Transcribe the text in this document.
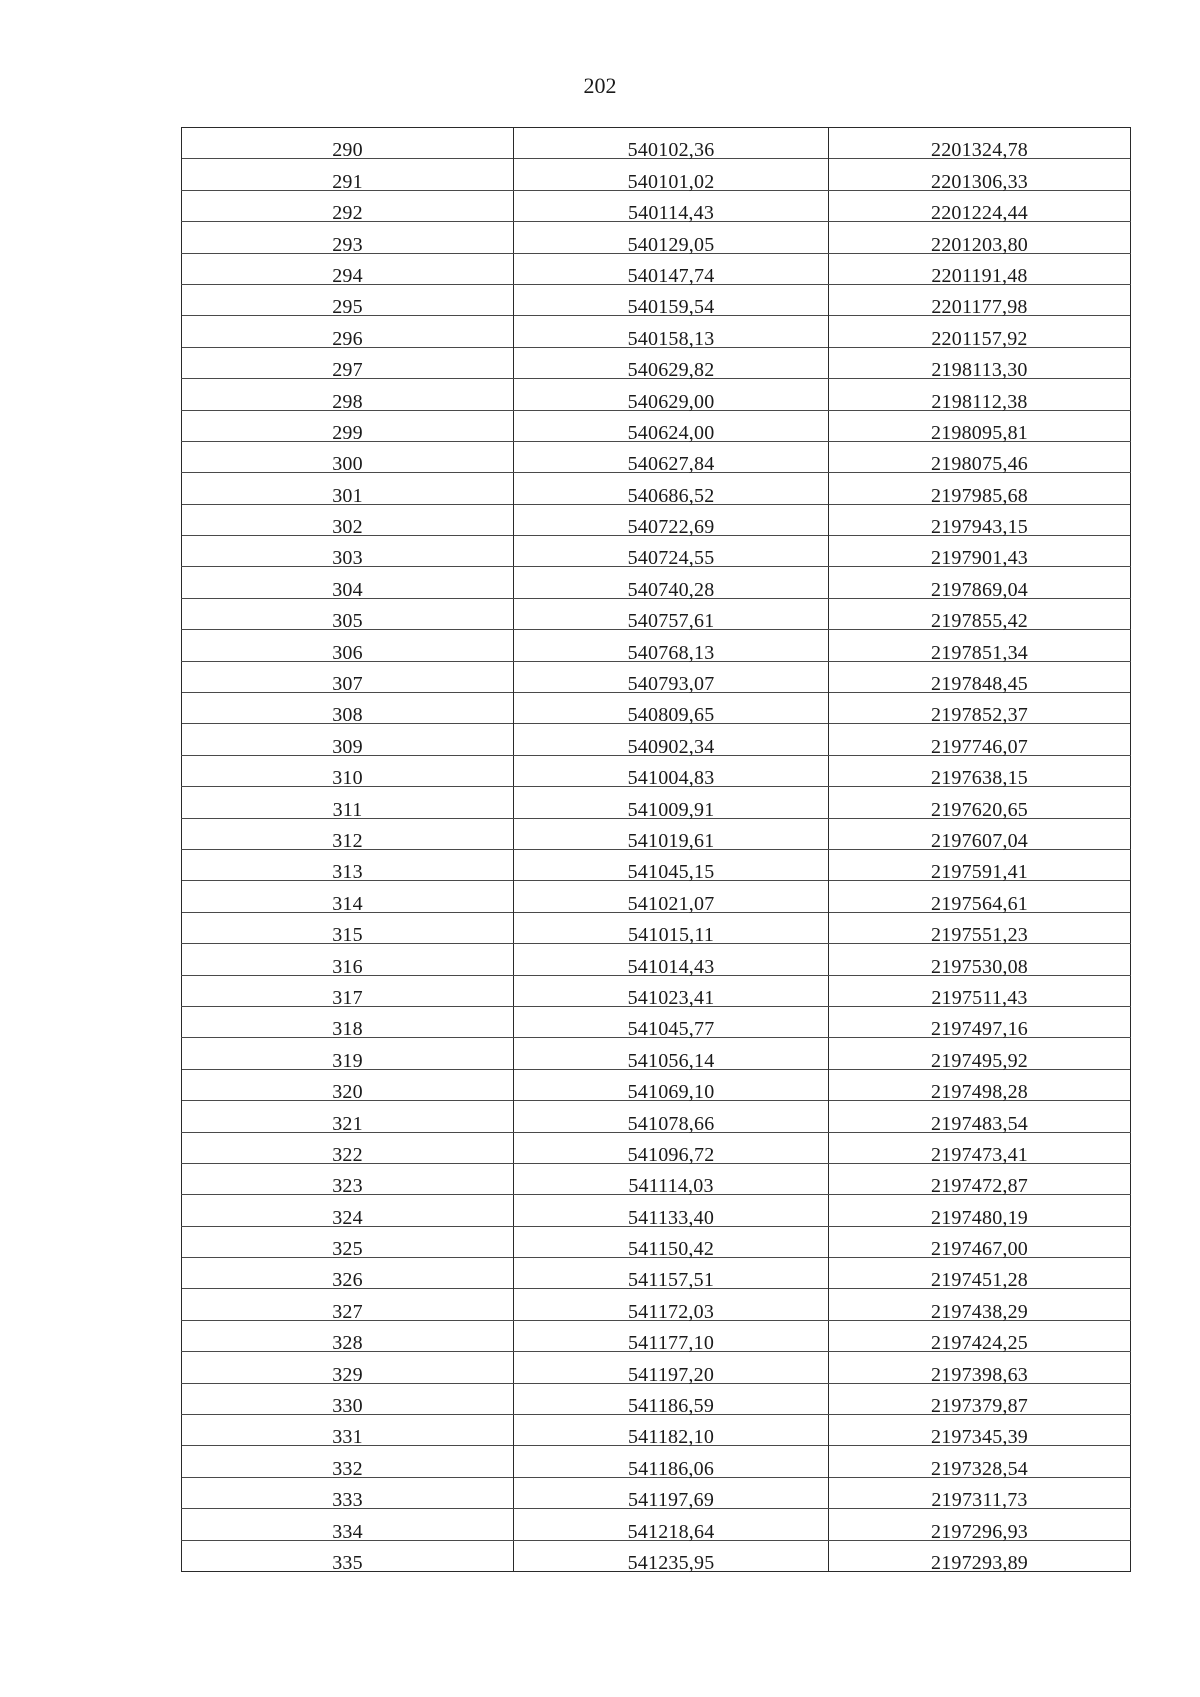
202
290	540102,36	2201324,78
291	540101,02	2201306,33
292	540114,43	2201224,44
293	540129,05	2201203,80
294	540147,74	2201191,48
295	540159,54	2201177,98
296	540158,13	2201157,92
297	540629,82	2198113,30
298	540629,00	2198112,38
299	540624,00	2198095,81
300	540627,84	2198075,46
301	540686,52	2197985,68
302	540722,69	2197943,15
303	540724,55	2197901,43
304	540740,28	2197869,04
305	540757,61	2197855,42
306	540768,13	2197851,34
307	540793,07	2197848,45
308	540809,65	2197852,37
309	540902,34	2197746,07
310	541004,83	2197638,15
311	541009,91	2197620,65
312	541019,61	2197607,04
313	541045,15	2197591,41
314	541021,07	2197564,61
315	541015,11	2197551,23
316	541014,43	2197530,08
317	541023,41	2197511,43
318	541045,77	2197497,16
319	541056,14	2197495,92
320	541069,10	2197498,28
321	541078,66	2197483,54
322	541096,72	2197473,41
323	541114,03	2197472,87
324	541133,40	2197480,19
325	541150,42	2197467,00
326	541157,51	2197451,28
327	541172,03	2197438,29
328	541177,10	2197424,25
329	541197,20	2197398,63
330	541186,59	2197379,87
331	541182,10	2197345,39
332	541186,06	2197328,54
333	541197,69	2197311,73
334	541218,64	2197296,93
335	541235,95	2197293,89
